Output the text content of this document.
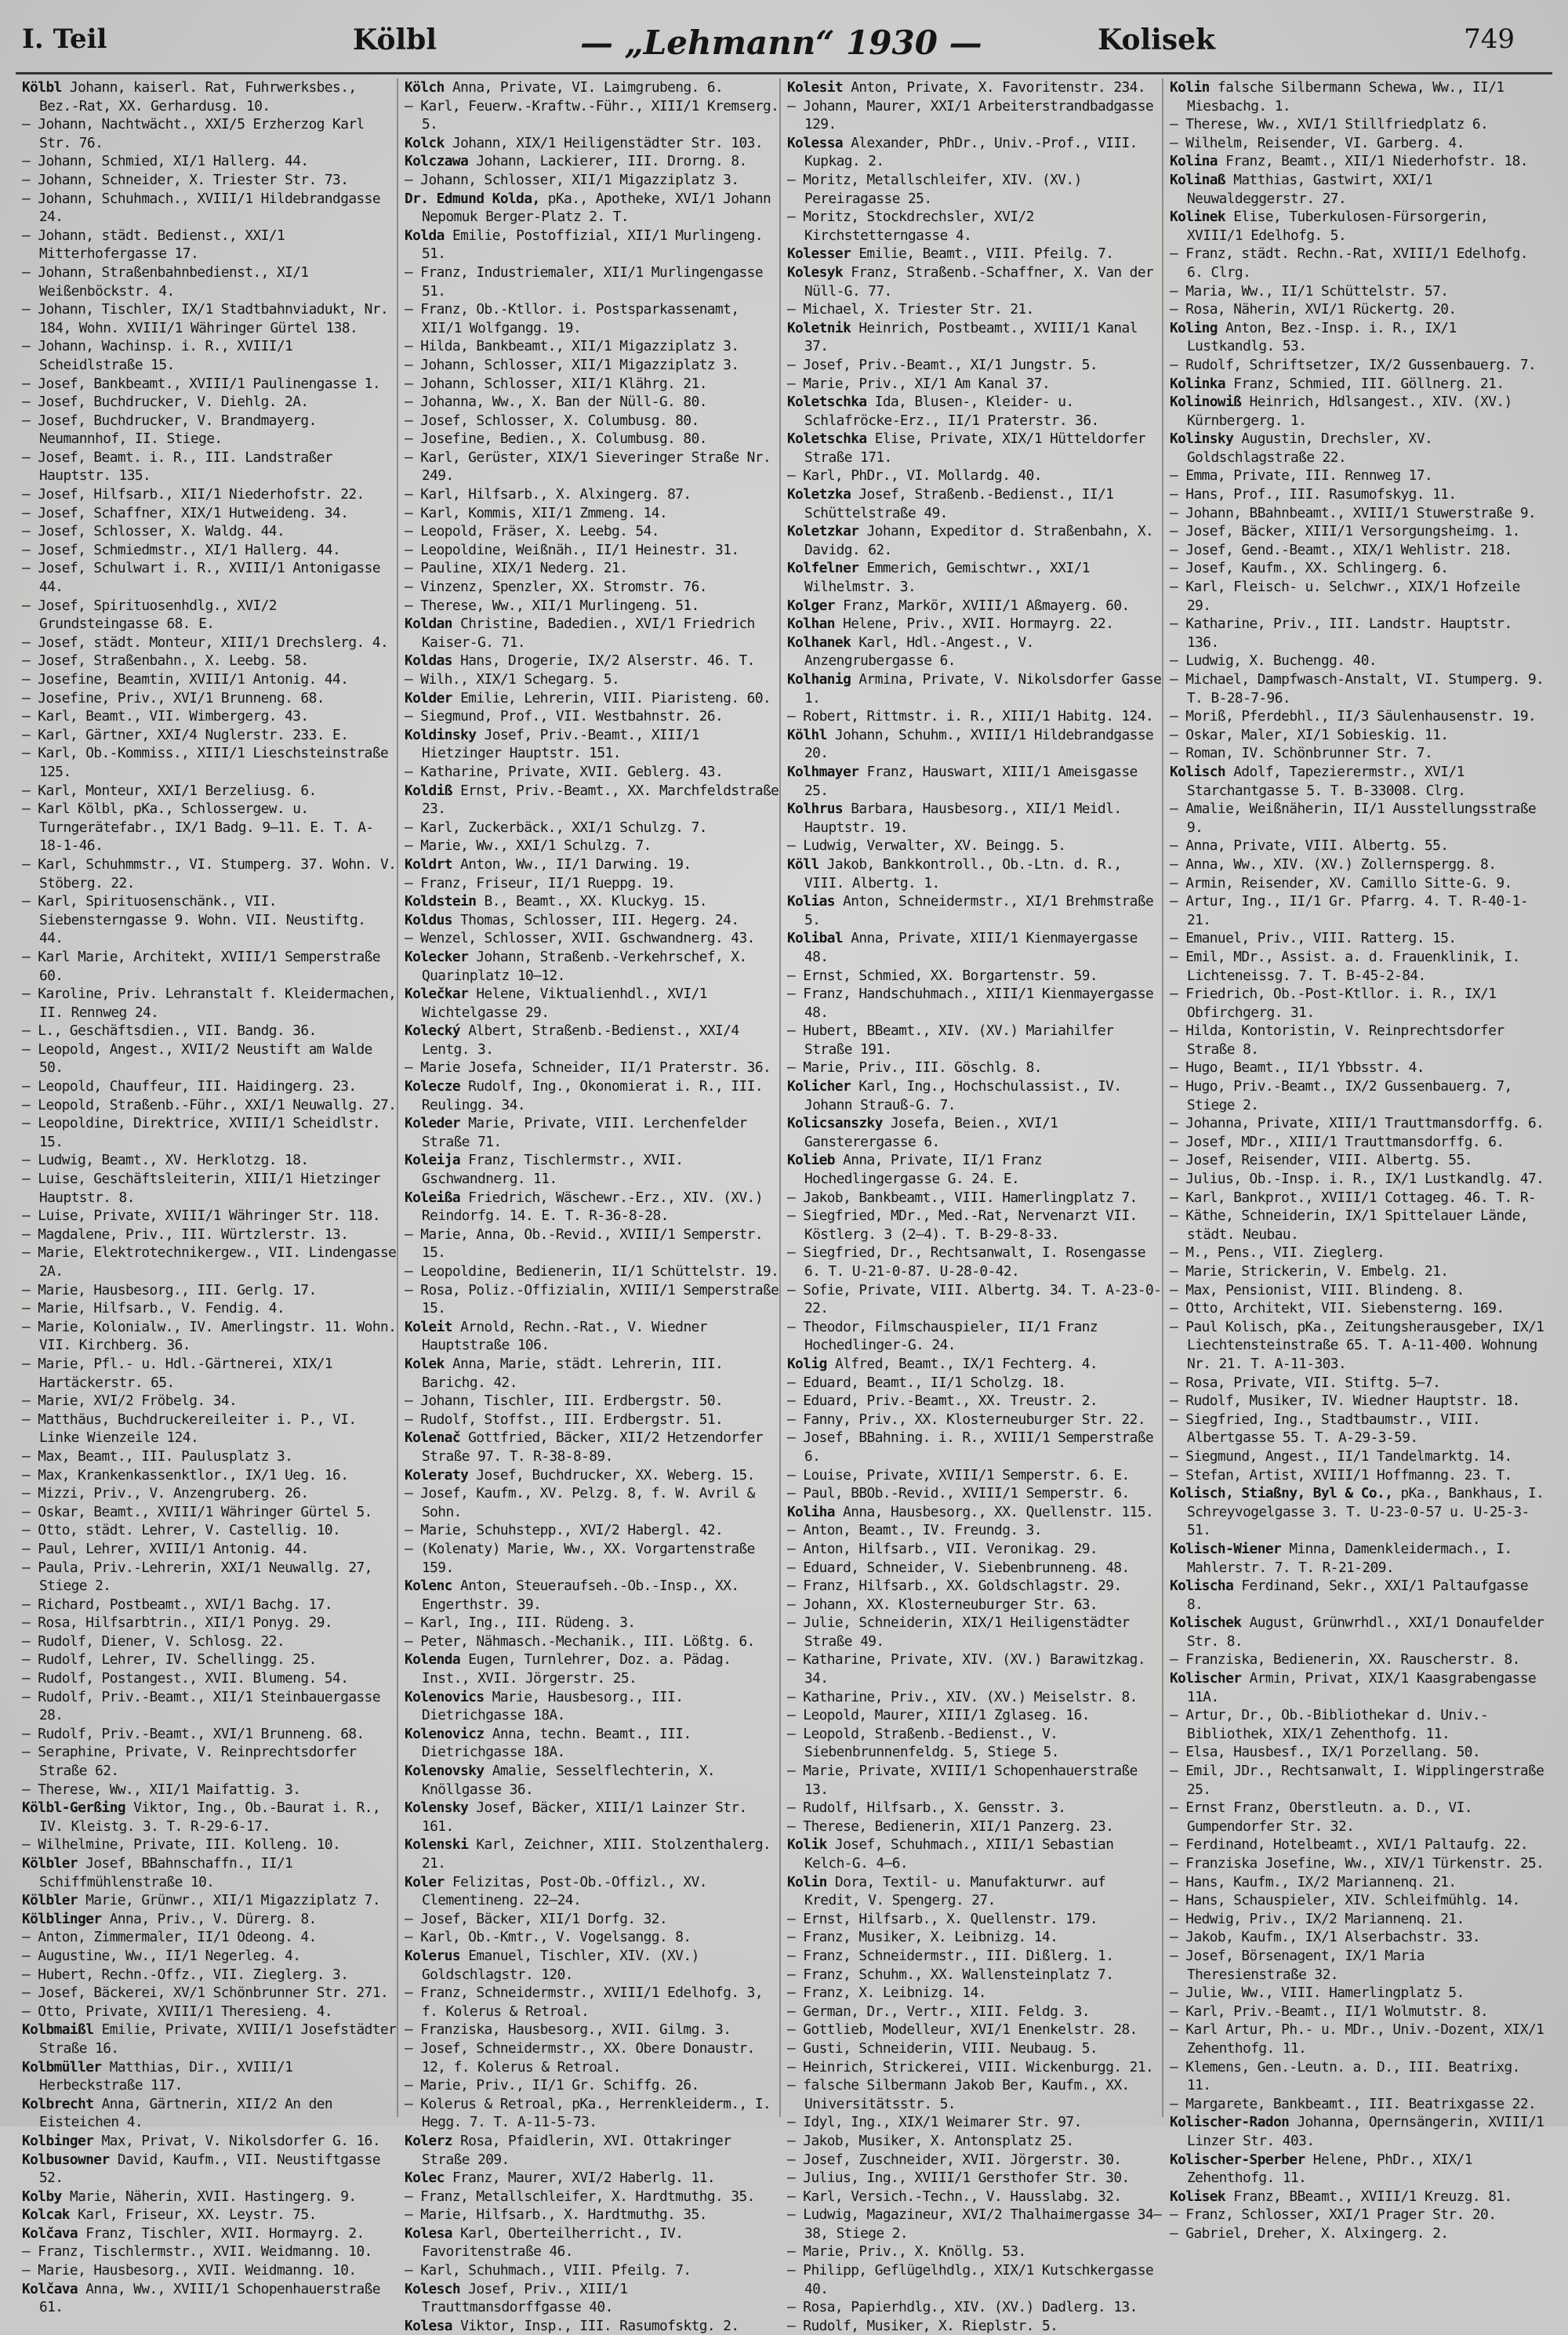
I. Teil	Kölbl	— „Lehmann“ 1930 —	Kolisek	749
Kölbl Johann, kaiserl. Rat, Fuhrwerksbes., Bez.-Rat, XX. Gerhardusg. 10.
— Johann, Nachtwächt., XXI/5 Erzherzog Karl Str. 76.
— Johann, Schmied, XI/1 Hallerg. 44.
— Johann, Schneider, X. Triester Str. 73.
— Johann, Schuhmach., XVIII/1 Hildebrandgasse 24.
— Johann, städt. Bedienst., XXI/1 Mitterhofergasse 17.
— Johann, Straßenbahnbedienst., XI/1 Weißenböckstr. 4.
— Johann, Tischler, IX/1 Stadtbahnviadukt, Nr. 184, Wohn. XVIII/1 Währinger Gürtel 138.
— Johann, Wachinsp. i. R., XVIII/1 Scheidlstraße 15.
— Josef, Bankbeamt., XVIII/1 Paulinengasse 1.
— Josef, Buchdrucker, V. Diehlg. 2A.
— Josef, Buchdrucker, V. Brandmayerg. Neumannhof, II. Stiege.
— Josef, Beamt. i. R., III. Landstraßer Hauptstr. 135.
— Josef, Hilfsarb., XII/1 Niederhofstr. 22.
— Josef, Schaffner, XIX/1 Hutweideng. 34.
— Josef, Schlosser, X. Waldg. 44.
— Josef, Schmiedmstr., XI/1 Hallerg. 44.
— Josef, Schulwart i. R., XVIII/1 Antonigasse 44.
— Josef, Spirituosenhdlg., XVI/2 Grundsteingasse 68. E.
— Josef, städt. Monteur, XIII/1 Drechslerg. 4.
— Josef, Straßenbahn., X. Leebg. 58.
— Josefine, Beamtin, XVIII/1 Antonig. 44.
— Josefine, Priv., XVI/1 Brunneng. 68.
— Karl, Beamt., VII. Wimbergerg. 43.
— Karl, Gärtner, XXI/4 Nuglerstr. 233. E.
— Karl, Ob.-Kommiss., XIII/1 Lieschsteinstraße 125.
— Karl, Monteur, XXI/1 Berzeliusg. 6.
— Karl Kölbl, pKa., Schlossergew. u. Turngerätefabr., IX/1 Badg. 9–11. E. T. A-18-1-46.
— Karl, Schuhmmstr., VI. Stumperg. 37. Wohn. V. Stöberg. 22.
— Karl, Spirituosenschänk., VII. Siebensterngasse 9. Wohn. VII. Neustiftg. 44.
— Karl Marie, Architekt, XVIII/1 Semperstraße 60.
— Karoline, Priv. Lehranstalt f. Kleidermachen, II. Rennweg 24.
— L., Geschäftsdien., VII. Bandg. 36.
— Leopold, Angest., XVII/2 Neustift am Walde 50.
— Leopold, Chauffeur, III. Haidingerg. 23.
— Leopold, Straßenb.-Führ., XXI/1 Neuwallg. 27.
— Leopoldine, Direktrice, XVIII/1 Scheidlstr. 15.
— Ludwig, Beamt., XV. Herklotzg. 18.
— Luise, Geschäftsleiterin, XIII/1 Hietzinger Hauptstr. 8.
— Luise, Private, XVIII/1 Währinger Str. 118.
— Magdalene, Priv., III. Würtzlerstr. 13.
— Marie, Elektrotechnikergew., VII. Lindengasse 2A.
— Marie, Hausbesorg., III. Gerlg. 17.
— Marie, Hilfsarb., V. Fendig. 4.
— Marie, Kolonialw., IV. Amerlingstr. 11. Wohn. VII. Kirchberg. 36.
— Marie, Pfl.- u. Hdl.-Gärtnerei, XIX/1 Hartäckerstr. 65.
— Marie, XVI/2 Fröbelg. 34.
— Matthäus, Buchdruckereileiter i. P., VI. Linke Wienzeile 124.
— Max, Beamt., III. Paulusplatz 3.
— Max, Krankenkassenktlor., IX/1 Ueg. 16.
— Mizzi, Priv., V. Anzengruberg. 26.
— Oskar, Beamt., XVIII/1 Währinger Gürtel 5.
— Otto, städt. Lehrer, V. Castellig. 10.
— Paul, Lehrer, XVIII/1 Antonig. 44.
— Paula, Priv.-Lehrerin, XXI/1 Neuwallg. 27, Stiege 2.
— Richard, Postbeamt., XVI/1 Bachg. 17.
— Rosa, Hilfsarbtrin., XII/1 Ponyg. 29.
— Rudolf, Diener, V. Schlosg. 22.
— Rudolf, Lehrer, IV. Schellingg. 25.
— Rudolf, Postangest., XVII. Blumeng. 54.
— Rudolf, Priv.-Beamt., XII/1 Steinbauergasse 28.
— Rudolf, Priv.-Beamt., XVI/1 Brunneng. 68.
— Seraphine, Private, V. Reinprechtsdorfer Straße 62.
— Therese, Ww., XII/1 Maifattig. 3.
Kölbl-Gerßing Viktor, Ing., Ob.-Baurat i. R., IV. Kleistg. 3. T. R-29-6-17.
— Wilhelmine, Private, III. Kolleng. 10.
Kölbler Josef, BBahnschaffn., II/1 Schiffmühlenstraße 10.
Kölbler Marie, Grünwr., XII/1 Migazziplatz 7.
Kölblinger Anna, Priv., V. Dürerg. 8.
— Anton, Zimmermaler, II/1 Odeong. 4.
— Augustine, Ww., II/1 Negerleg. 4.
— Hubert, Rechn.-Offz., VII. Zieglerg. 3.
— Josef, Bäckerei, XV/1 Schönbrunner Str. 271.
— Otto, Private, XVIII/1 Theresieng. 4.
Kolbmaißl Emilie, Private, XVIII/1 Josefstädter Straße 16.
Kolbmüller Matthias, Dir., XVIII/1 Herbeckstraße 117.
Kolbrecht Anna, Gärtnerin, XII/2 An den Eisteichen 4.
Kolbinger Max, Privat, V. Nikolsdorfer G. 16.
Kolbusowner David, Kaufm., VII. Neustiftgasse 52.
Kolby Marie, Näherin, XVII. Hastingerg. 9.
Kolcak Karl, Friseur, XX. Leystr. 75.
Kolčava Franz, Tischler, XVII. Hormayrg. 2.
— Franz, Tischlermstr., XVII. Weidmanng. 10.
— Marie, Hausbesorg., XVII. Weidmanng. 10.
Kolčava Anna, Ww., XVIII/1 Schopenhauerstraße 61.
Kölch Anna, Private, VI. Laimgrubeng. 6.
— Karl, Feuerw.-Kraftw.-Führ., XIII/1 Kremserg. 5.
Kolck Johann, XIX/1 Heiligenstädter Str. 103.
Kolczawa Johann, Lackierer, III. Drorng. 8.
— Johann, Schlosser, XII/1 Migazziplatz 3.
Dr. Edmund Kolda, pKa., Apotheke, XVI/1 Johann Nepomuk Berger-Platz 2. T.
Kolda Emilie, Postoffizial, XII/1 Murlingeng. 51.
— Franz, Industriemaler, XII/1 Murlingengasse 51.
— Franz, Ob.-Ktllor. i. Postsparkassenamt, XII/1 Wolfgangg. 19.
— Hilda, Bankbeamt., XII/1 Migazziplatz 3.
— Johann, Schlosser, XII/1 Migazziplatz 3.
— Johann, Schlosser, XII/1 Klährg. 21.
— Johanna, Ww., X. Ban der Nüll-G. 80.
— Josef, Schlosser, X. Columbusg. 80.
— Josefine, Bedien., X. Columbusg. 80.
— Karl, Gerüster, XIX/1 Sieveringer Straße Nr. 249.
— Karl, Hilfsarb., X. Alxingerg. 87.
— Karl, Kommis, XII/1 Zmmeng. 14.
— Leopold, Fräser, X. Leebg. 54.
— Leopoldine, Weißnäh., II/1 Heinestr. 31.
— Pauline, XIX/1 Nederg. 21.
— Vinzenz, Spenzler, XX. Stromstr. 76.
— Therese, Ww., XII/1 Murlingeng. 51.
Koldan Christine, Badedien., XVI/1 Friedrich Kaiser-G. 71.
Koldas Hans, Drogerie, IX/2 Alserstr. 46. T.
— Wilh., XIX/1 Schegarg. 5.
Kolder Emilie, Lehrerin, VIII. Piaristeng. 60.
— Siegmund, Prof., VII. Westbahnstr. 26.
Koldinsky Josef, Priv.-Beamt., XIII/1 Hietzinger Hauptstr. 151.
— Katharine, Private, XVII. Geblerg. 43.
Koldiß Ernst, Priv.-Beamt., XX. Marchfeldstraße 23.
— Karl, Zuckerbäck., XXI/1 Schulzg. 7.
— Marie, Ww., XXI/1 Schulzg. 7.
Koldrt Anton, Ww., II/1 Darwing. 19.
— Franz, Friseur, II/1 Rueppg. 19.
Koldstein B., Beamt., XX. Kluckyg. 15.
Koldus Thomas, Schlosser, III. Hegerg. 24.
— Wenzel, Schlosser, XVII. Gschwandnerg. 43.
Kolecker Johann, Straßenb.-Verkehrschef, X. Quarinplatz 10–12.
Kolečkar Helene, Viktualienhdl., XVI/1 Wichtelgasse 29.
Kolecký Albert, Straßenb.-Bedienst., XXI/4 Lentg. 3.
— Marie Josefa, Schneider, II/1 Praterstr. 36.
Kolecze Rudolf, Ing., Okonomierat i. R., III. Reulingg. 34.
Koleder Marie, Private, VIII. Lerchenfelder Straße 71.
Koleija Franz, Tischlermstr., XVII. Gschwandnerg. 11.
Koleißa Friedrich, Wäschewr.-Erz., XIV. (XV.) Reindorfg. 14. E. T. R-36-8-28.
— Marie, Anna, Ob.-Revid., XVIII/1 Semperstr. 15.
— Leopoldine, Bedienerin, II/1 Schüttelstr. 19.
— Rosa, Poliz.-Offizialin, XVIII/1 Semperstraße 15.
Koleit Arnold, Rechn.-Rat., V. Wiedner Hauptstraße 106.
Kolek Anna, Marie, städt. Lehrerin, III. Barichg. 42.
— Johann, Tischler, III. Erdbergstr. 50.
— Rudolf, Stoffst., III. Erdbergstr. 51.
Kolenač Gottfried, Bäcker, XII/2 Hetzendorfer Straße 97. T. R-38-8-89.
Koleraty Josef, Buchdrucker, XX. Weberg. 15.
— Josef, Kaufm., XV. Pelzg. 8, f. W. Avril & Sohn.
— Marie, Schuhstepp., XVI/2 Habergl. 42.
— (Kolenaty) Marie, Ww., XX. Vorgartenstraße 159.
Kolenc Anton, Steueraufseh.-Ob.-Insp., XX. Engerthstr. 39.
— Karl, Ing., III. Rüdeng. 3.
— Peter, Nähmasch.-Mechanik., III. Lößtg. 6.
Kolenda Eugen, Turnlehrer, Doz. a. Pädag. Inst., XVII. Jörgerstr. 25.
Kolenovics Marie, Hausbesorg., III. Dietrichgasse 18A.
Kolenovicz Anna, techn. Beamt., III. Dietrichgasse 18A.
Kolenovsky Amalie, Sesselflechterin, X. Knöllgasse 36.
Kolensky Josef, Bäcker, XIII/1 Lainzer Str. 161.
Kolenski Karl, Zeichner, XIII. Stolzenthalerg. 21.
Koler Felizitas, Post-Ob.-Offizl., XV. Clementineng. 22–24.
— Josef, Bäcker, XII/1 Dorfg. 32.
— Karl, Ob.-Kmtr., V. Vogelsangg. 8.
Kolerus Emanuel, Tischler, XIV. (XV.) Goldschlagstr. 120.
— Franz, Schneidermstr., XVIII/1 Edelhofg. 3, f. Kolerus & Retroal.
— Franziska, Hausbesorg., XVII. Gilmg. 3.
— Josef, Schneidermstr., XX. Obere Donaustr. 12, f. Kolerus & Retroal.
— Marie, Priv., II/1 Gr. Schiffg. 26.
— Kolerus & Retroal, pKa., Herrenkleiderm., I. Hegg. 7. T. A-11-5-73.
Kolerz Rosa, Pfaidlerin, XVI. Ottakringer Straße 209.
Kolec Franz, Maurer, XVI/2 Haberlg. 11.
— Franz, Metallschleifer, X. Hardtmuthg. 35.
— Marie, Hilfsarb., X. Hardtmuthg. 35.
Kolesa Karl, Oberteilherricht., IV. Favoritenstraße 46.
— Karl, Schuhmach., VIII. Pfeilg. 7.
Kolesch Josef, Priv., XIII/1 Trauttmansdorffgasse 40.
Kolesa Viktor, Insp., III. Rasumofsktg. 2.
Kolesit Anton, Private, X. Favoritenstr. 234.
— Johann, Maurer, XXI/1 Arbeiterstrandbadgasse 129.
Kolessa Alexander, PhDr., Univ.-Prof., VIII. Kupkag. 2.
— Moritz, Metallschleifer, XIV. (XV.) Pereiragasse 25.
— Moritz, Stockdrechsler, XVI/2 Kirchstetterngasse 4.
Kolesser Emilie, Beamt., VIII. Pfeilg. 7.
Kolesyk Franz, Straßenb.-Schaffner, X. Van der Nüll-G. 77.
— Michael, X. Triester Str. 21.
Koletnik Heinrich, Postbeamt., XVIII/1 Kanal 37.
— Josef, Priv.-Beamt., XI/1 Jungstr. 5.
— Marie, Priv., XI/1 Am Kanal 37.
Koletschka Ida, Blusen-, Kleider- u. Schlafröcke-Erz., II/1 Praterstr. 36.
Koletschka Elise, Private, XIX/1 Hütteldorfer Straße 171.
— Karl, PhDr., VI. Mollardg. 40.
Koletzka Josef, Straßenb.-Bedienst., II/1 Schüttelstraße 49.
Koletzkar Johann, Expeditor d. Straßenbahn, X. Davidg. 62.
Kolfelner Emmerich, Gemischtwr., XXI/1 Wilhelmstr. 3.
Kolger Franz, Markör, XVIII/1 Aßmayerg. 60.
Kolhan Helene, Priv., XVII. Hormayrg. 22.
Kolhanek Karl, Hdl.-Angest., V. Anzengrubergasse 6.
Kolhanig Armina, Private, V. Nikolsdorfer Gasse 1.
— Robert, Rittmstr. i. R., XIII/1 Habitg. 124.
Kölhl Johann, Schuhm., XVIII/1 Hildebrandgasse 20.
Kolhmayer Franz, Hauswart, XIII/1 Ameisgasse 25.
Kolhrus Barbara, Hausbesorg., XII/1 Meidl. Hauptstr. 19.
— Ludwig, Verwalter, XV. Beingg. 5.
Köll Jakob, Bankkontroll., Ob.-Ltn. d. R., VIII. Albertg. 1.
Kolias Anton, Schneidermstr., XI/1 Brehmstraße 5.
Kolibal Anna, Private, XIII/1 Kienmayergasse 48.
— Ernst, Schmied, XX. Borgartenstr. 59.
— Franz, Handschuhmach., XIII/1 Kienmayergasse 48.
— Hubert, BBeamt., XIV. (XV.) Mariahilfer Straße 191.
— Marie, Priv., III. Göschlg. 8.
Kolicher Karl, Ing., Hochschulassist., IV. Johann Strauß-G. 7.
Kolicsanszky Josefa, Beien., XVI/1 Gansterergasse 6.
Kolieb Anna, Private, II/1 Franz Hochedlingergasse G. 24. E.
— Jakob, Bankbeamt., VIII. Hamerlingplatz 7.
— Siegfried, MDr., Med.-Rat, Nervenarzt VII. Köstlerg. 3 (2–4). T. B-29-8-33.
— Siegfried, Dr., Rechtsanwalt, I. Rosengasse 6. T. U-21-0-87. U-28-0-42.
— Sofie, Private, VIII. Albertg. 34. T. A-23-0-22.
— Theodor, Filmschauspieler, II/1 Franz Hochedlinger-G. 24.
Kolig Alfred, Beamt., IX/1 Fechterg. 4.
— Eduard, Beamt., II/1 Scholzg. 18.
— Eduard, Priv.-Beamt., XX. Treustr. 2.
— Fanny, Priv., XX. Klosterneuburger Str. 22.
— Josef, BBahning. i. R., XVIII/1 Semperstraße 6.
— Louise, Private, XVIII/1 Semperstr. 6. E.
— Paul, BBOb.-Revid., XVIII/1 Semperstr. 6.
Koliha Anna, Hausbesorg., XX. Quellenstr. 115.
— Anton, Beamt., IV. Freundg. 3.
— Anton, Hilfsarb., VII. Veronikag. 29.
— Eduard, Schneider, V. Siebenbrunneng. 48.
— Franz, Hilfsarb., XX. Goldschlagstr. 29.
— Johann, XX. Klosterneuburger Str. 63.
— Julie, Schneiderin, XIX/1 Heiligenstädter Straße 49.
— Katharine, Private, XIV. (XV.) Barawitzkag. 34.
— Katharine, Priv., XIV. (XV.) Meiselstr. 8.
— Leopold, Maurer, XIII/1 Zglaseg. 16.
— Leopold, Straßenb.-Bedienst., V. Siebenbrunnenfeldg. 5, Stiege 5.
— Marie, Private, XVIII/1 Schopenhauerstraße 13.
— Rudolf, Hilfsarb., X. Gensstr. 3.
— Therese, Bedienerin, XII/1 Panzerg. 23.
Kolik Josef, Schuhmach., XIII/1 Sebastian Kelch-G. 4–6.
Kolin Dora, Textil- u. Manufakturwr. auf Kredit, V. Spengerg. 27.
— Ernst, Hilfsarb., X. Quellenstr. 179.
— Franz, Musiker, X. Leibnizg. 14.
— Franz, Schneidermstr., III. Dißlerg. 1.
— Franz, Schuhm., XX. Wallensteinplatz 7.
— Franz, X. Leibnizg. 14.
— German, Dr., Vertr., XIII. Feldg. 3.
— Gottlieb, Modelleur, XVI/1 Enenkelstr. 28.
— Gusti, Schneiderin, VIII. Neubaug. 5.
— Heinrich, Strickerei, VIII. Wickenburgg. 21.
— falsche Silbermann Jakob Ber, Kaufm., XX. Universitätsstr. 5.
— Idyl, Ing., XIX/1 Weimarer Str. 97.
— Jakob, Musiker, X. Antonsplatz 25.
— Josef, Zuschneider, XVII. Jörgerstr. 30.
— Julius, Ing., XVIII/1 Gersthofer Str. 30.
— Karl, Versich.-Techn., V. Hausslabg. 32.
— Ludwig, Magazineur, XVI/2 Thalhaimergasse 34–38, Stiege 2.
— Marie, Priv., X. Knöllg. 53.
— Philipp, Geflügelhdlg., XIX/1 Kutschkergasse 40.
— Rosa, Papierhdlg., XIV. (XV.) Dadlerg. 13.
— Rudolf, Musiker, X. Rieplstr. 5.
Kolin falsche Silbermann Schewa, Ww., II/1 Miesbachg. 1.
— Therese, Ww., XVI/1 Stillfriedplatz 6.
— Wilhelm, Reisender, VI. Garberg. 4.
Kolina Franz, Beamt., XII/1 Niederhofstr. 18.
Kolinaß Matthias, Gastwirt, XXI/1 Neuwaldeggerstr. 27.
Kolinek Elise, Tuberkulosen-Fürsorgerin, XVIII/1 Edelhofg. 5.
— Franz, städt. Rechn.-Rat, XVIII/1 Edelhofg. 6. Clrg.
— Maria, Ww., II/1 Schüttelstr. 57.
— Rosa, Näherin, XVI/1 Rückertg. 20.
Koling Anton, Bez.-Insp. i. R., IX/1 Lustkandlg. 53.
— Rudolf, Schriftsetzer, IX/2 Gussenbauerg. 7.
Kolinka Franz, Schmied, III. Göllnerg. 21.
Kolinowiß Heinrich, Hdlsangest., XIV. (XV.) Kürnbergerg. 1.
Kolinsky Augustin, Drechsler, XV. Goldschlagstraße 22.
— Emma, Private, III. Rennweg 17.
— Hans, Prof., III. Rasumofskyg. 11.
— Johann, BBahnbeamt., XVIII/1 Stuwerstraße 9.
— Josef, Bäcker, XIII/1 Versorgungsheimg. 1.
— Josef, Gend.-Beamt., XIX/1 Wehlistr. 218.
— Josef, Kaufm., XX. Schlingerg. 6.
— Karl, Fleisch- u. Selchwr., XIX/1 Hofzeile 29.
— Katharine, Priv., III. Landstr. Hauptstr. 136.
— Ludwig, X. Buchengg. 40.
— Michael, Dampfwasch-Anstalt, VI. Stumperg. 9. T. B-28-7-96.
— Moriß, Pferdebhl., II/3 Säulenhausenstr. 19.
— Oskar, Maler, XI/1 Sobieskig. 11.
— Roman, IV. Schönbrunner Str. 7.
Kolisch Adolf, Tapezierermstr., XVI/1 Starchantgasse 5. T. B-33008. Clrg.
— Amalie, Weißnäherin, II/1 Ausstellungsstraße 9.
— Anna, Private, VIII. Albertg. 55.
— Anna, Ww., XIV. (XV.) Zollernspergg. 8.
— Armin, Reisender, XV. Camillo Sitte-G. 9.
— Artur, Ing., II/1 Gr. Pfarrg. 4. T. R-40-1-21.
— Emanuel, Priv., VIII. Ratterg. 15.
— Emil, MDr., Assist. a. d. Frauenklinik, I. Lichteneissg. 7. T. B-45-2-84.
— Friedrich, Ob.-Post-Ktllor. i. R., IX/1 Obfirchgerg. 31.
— Hilda, Kontoristin, V. Reinprechtsdorfer Straße 8.
— Hugo, Beamt., II/1 Ybbsstr. 4.
— Hugo, Priv.-Beamt., IX/2 Gussenbauerg. 7, Stiege 2.
— Johanna, Private, XIII/1 Trauttmansdorffg. 6.
— Josef, MDr., XIII/1 Trauttmansdorffg. 6.
— Josef, Reisender, VIII. Albertg. 55.
— Julius, Ob.-Insp. i. R., IX/1 Lustkandlg. 47.
— Karl, Bankprot., XVIII/1 Cottageg. 46. T. R-
— Käthe, Schneiderin, IX/1 Spittelauer Lände, städt. Neubau.
— M., Pens., VII. Zieglerg.
— Marie, Strickerin, V. Embelg. 21.
— Max, Pensionist, VIII. Blindeng. 8.
— Otto, Architekt, VII. Siebensterng. 169.
— Paul Kolisch, pKa., Zeitungsherausgeber, IX/1 Liechtensteinstraße 65. T. A-11-400. Wohnung Nr. 21. T. A-11-303.
— Rosa, Private, VII. Stiftg. 5–7.
— Rudolf, Musiker, IV. Wiedner Hauptstr. 18.
— Siegfried, Ing., Stadtbaumstr., VIII. Albertgasse 55. T. A-29-3-59.
— Siegmund, Angest., II/1 Tandelmarktg. 14.
— Stefan, Artist, XVIII/1 Hoffmanng. 23. T.
Kolisch, Stiaßny, Byl & Co., pKa., Bankhaus, I. Schreyvogelgasse 3. T. U-23-0-57 u. U-25-3-51.
Kolisch-Wiener Minna, Damenkleidermach., I. Mahlerstr. 7. T. R-21-209.
Kolischa Ferdinand, Sekr., XXI/1 Paltaufgasse 8.
Kolischek August, Grünwrhdl., XXI/1 Donaufelder Str. 8.
— Franziska, Bedienerin, XX. Rauscherstr. 8.
Kolischer Armin, Privat, XIX/1 Kaasgrabengasse 11A.
— Artur, Dr., Ob.-Bibliothekar d. Univ.-Bibliothek, XIX/1 Zehenthofg. 11.
— Elsa, Hausbesf., IX/1 Porzellang. 50.
— Emil, JDr., Rechtsanwalt, I. Wipplingerstraße 25.
— Ernst Franz, Oberstleutn. a. D., VI. Gumpendorfer Str. 32.
— Ferdinand, Hotelbeamt., XVI/1 Paltaufg. 22.
— Franziska Josefine, Ww., XIV/1 Türkenstr. 25.
— Hans, Kaufm., IX/2 Mariannenq. 21.
— Hans, Schauspieler, XIV. Schleifmühlg. 14.
— Hedwig, Priv., IX/2 Mariannenq. 21.
— Jakob, Kaufm., IX/1 Alserbachstr. 33.
— Josef, Börsenagent, IX/1 Maria Theresienstraße 32.
— Julie, Ww., VIII. Hamerlingplatz 5.
— Karl, Priv.-Beamt., II/1 Wolmutstr. 8.
— Karl Artur, Ph.- u. MDr., Univ.-Dozent, XIX/1 Zehenthofg. 11.
— Klemens, Gen.-Leutn. a. D., III. Beatrixg. 11.
— Margarete, Bankbeamt., III. Beatrixgasse 22.
Kolischer-Radon Johanna, Opernsängerin, XVIII/1 Linzer Str. 403.
Kolischer-Sperber Helene, PhDr., XIX/1 Zehenthofg. 11.
Kolisek Franz, BBeamt., XVIII/1 Kreuzg. 81.
— Franz, Schlosser, XXI/1 Prager Str. 20.
— Gabriel, Dreher, X. Alxingerg. 2.
